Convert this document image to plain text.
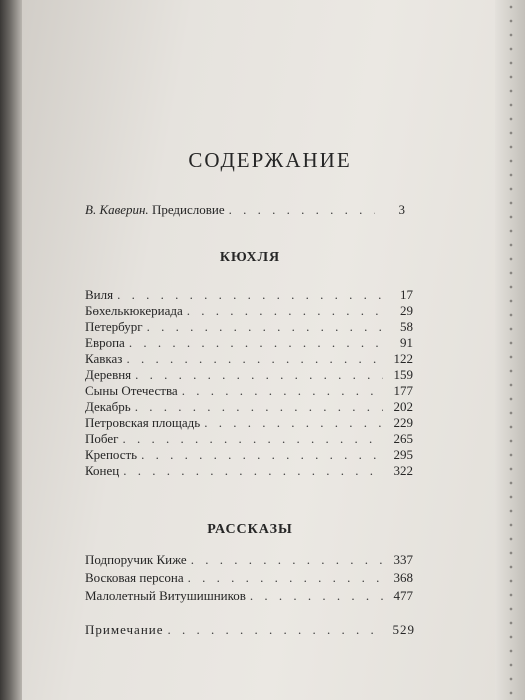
СОДЕРЖАНИЕ
В. Каверин. Предисловие . . .	3
КЮХЛЯ
Виля . . .	17
Бөхелькюкериада . . .	29
Петербург . . .	58
Европа . . .	91
Кавказ . . .	122
Деревня . . .	159
Сыны Отечества . . .	177
Декабрь . . .	202
Петровская площадь . . .	229
Побег . . .	265
Крепость . . .	295
Конец . . .	322
РАССКАЗЫ
Подпоручик Киже . . .	337
Восковая персона . . .	368
Малолетный Витушишников . . .	477
Примечание . . .	529
